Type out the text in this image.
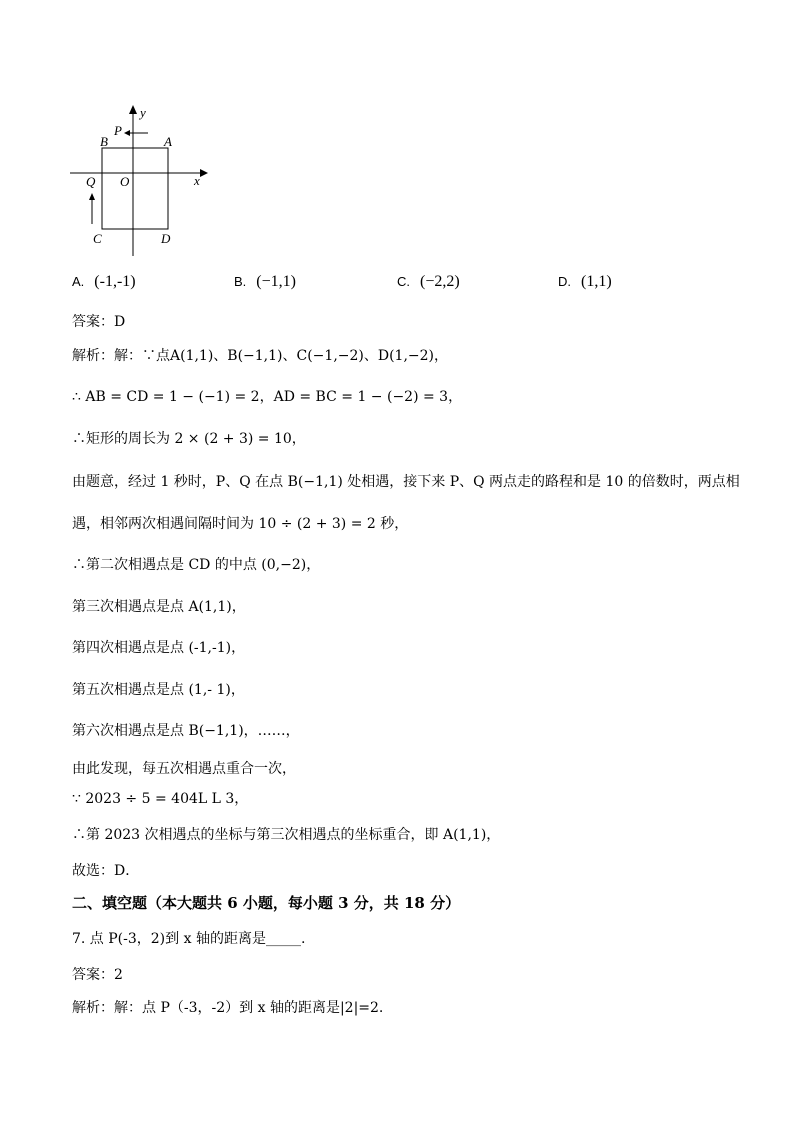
y
x
P
A
B
Q O
C	D
A. (-1,-1)	B. (−1,1)	C. (−2,2)	D. (1,1)
答案：D
解析：解：∵点A(1,1)、B(−1,1)、C(−1,−2)、D(1,−2)，
∴ AB = CD = 1 − (−1) = 2，AD = BC = 1 − (−2) = 3，
∴矩形的周长为 2 × (2 + 3) = 10，
由题意，经过 1 秒时，P、Q 在点 B(−1,1) 处相遇，接下来 P、Q 两点走的路程和是 10 的倍数时，两点相
遇，相邻两次相遇间隔时间为 10 ÷ (2 + 3) = 2 秒，
∴第二次相遇点是 CD 的中点 (0,−2)，
第三次相遇点是点 A(1,1)，
第四次相遇点是点 (-1,-1)，
第五次相遇点是点 (1,- 1)，
第六次相遇点是点 B(−1,1)，……，
由此发现，每五次相遇点重合一次，
∵ 2023 ÷ 5 = 404L L 3，
∴第 2023 次相遇点的坐标与第三次相遇点的坐标重合，即 A(1,1)，
故选：D．
二、填空题（本大题共 6 小题，每小题 3 分，共 18 分）
7. 点 P(-3，2)到 x 轴的距离是_____.
答案：2
解析：解：点 P（-3，-2）到 x 轴的距离是|2|=2.
